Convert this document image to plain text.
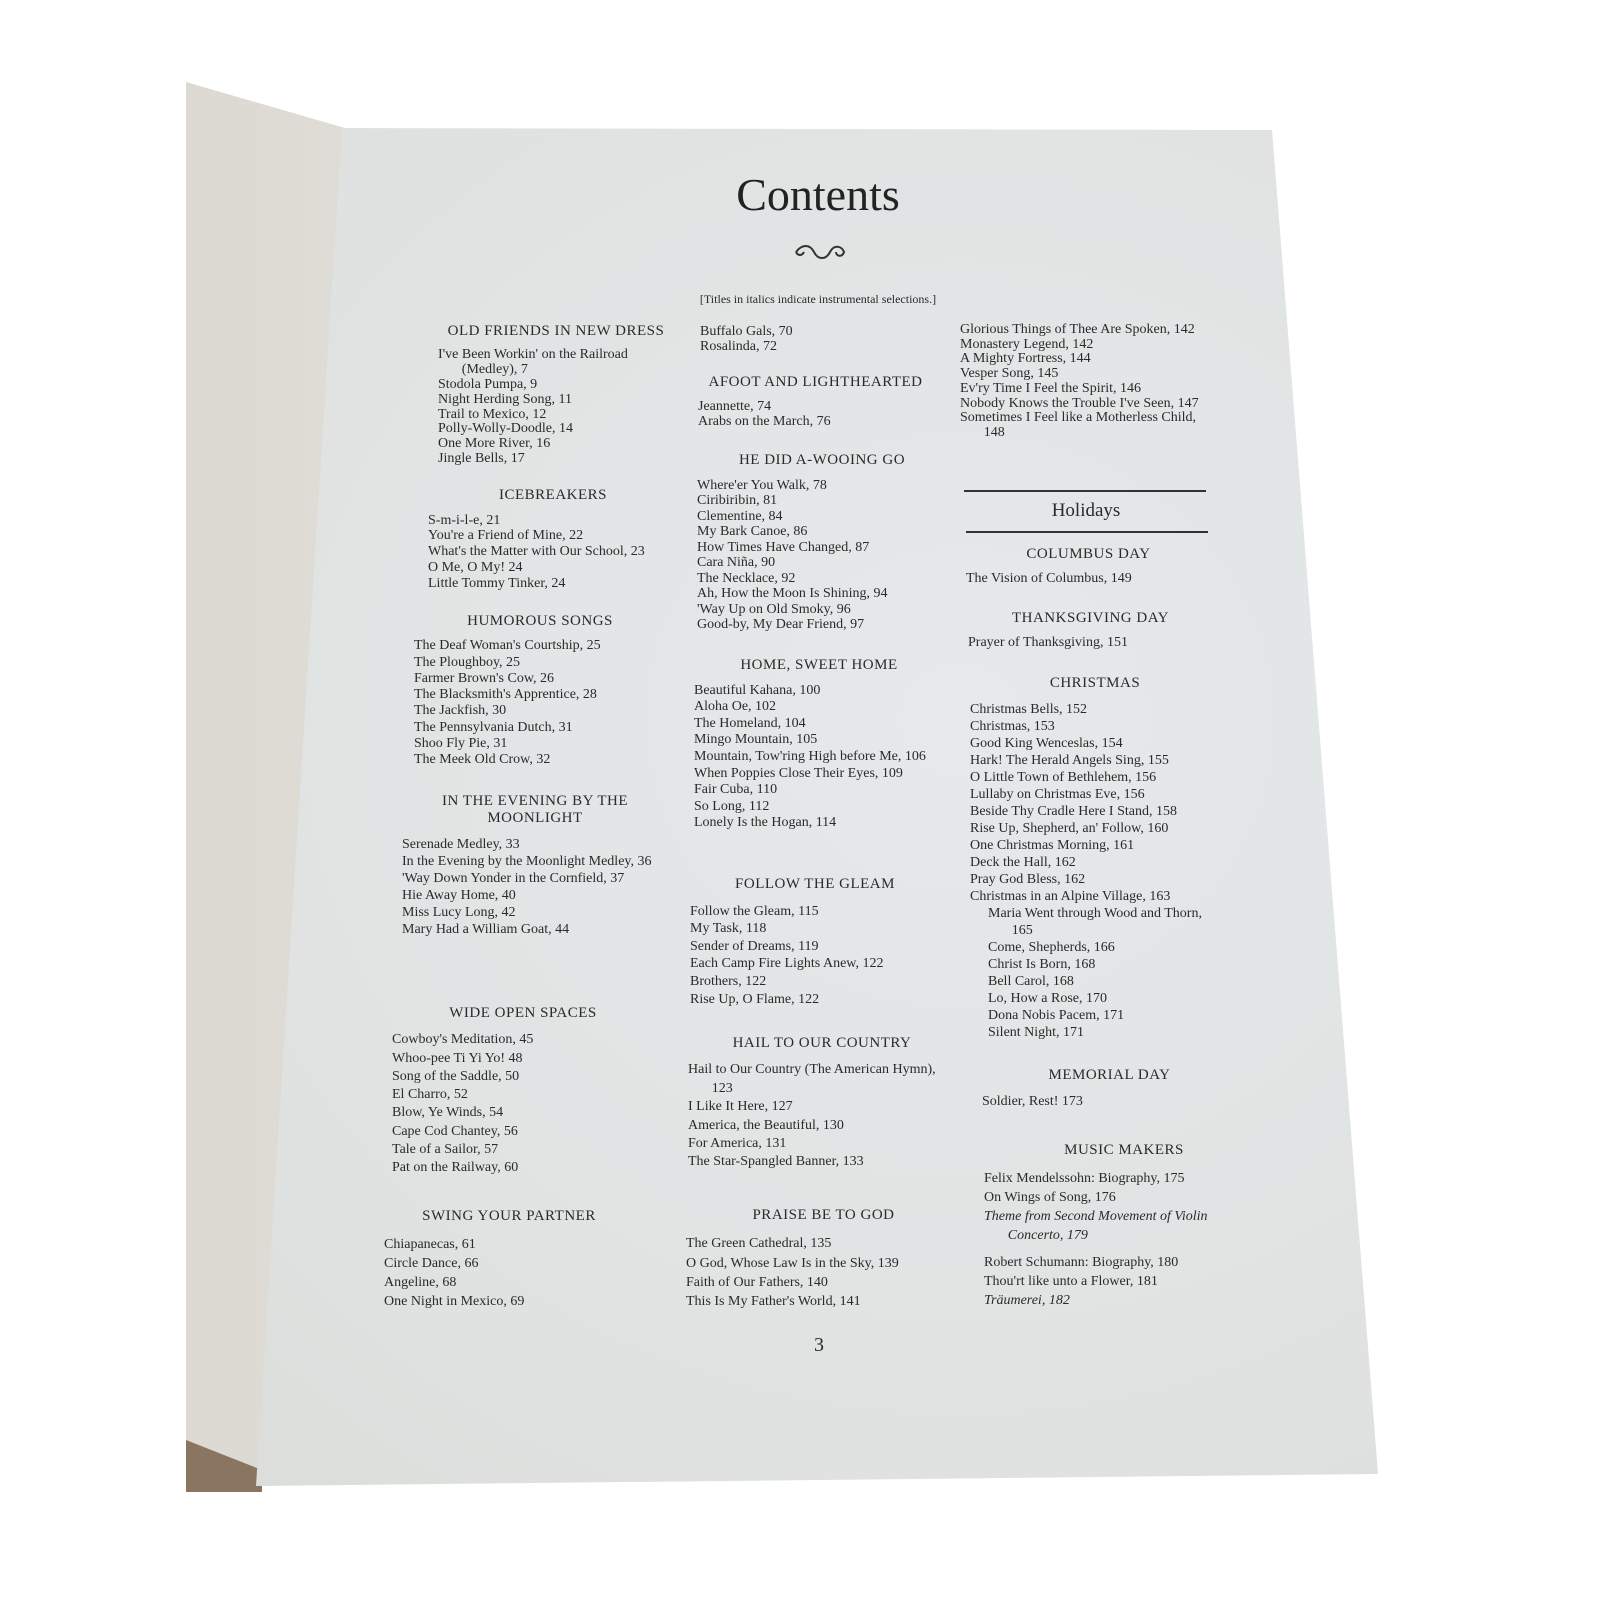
Contents
[Titles in italics indicate instrumental selections.]
OLD FRIENDS IN NEW DRESS
I've Been Workin' on the Railroad (Medley), 7
Stodola Pumpa, 9
Night Herding Song, 11
Trail to Mexico, 12
Polly-Wolly-Doodle, 14
One More River, 16
Jingle Bells, 17
ICEBREAKERS
S-m-i-l-e, 21
You're a Friend of Mine, 22
What's the Matter with Our School, 23
O Me, O My! 24
Little Tommy Tinker, 24
HUMOROUS SONGS
The Deaf Woman's Courtship, 25
The Ploughboy, 25
Farmer Brown's Cow, 26
The Blacksmith's Apprentice, 28
The Jackfish, 30
The Pennsylvania Dutch, 31
Shoo Fly Pie, 31
The Meek Old Crow, 32
IN THE EVENING BY THE MOONLIGHT
Serenade Medley, 33
In the Evening by the Moonlight Medley, 36
'Way Down Yonder in the Cornfield, 37
Hie Away Home, 40
Miss Lucy Long, 42
Mary Had a William Goat, 44
WIDE OPEN SPACES
Cowboy's Meditation, 45
Whoo-pee Ti Yi Yo! 48
Song of the Saddle, 50
El Charro, 52
Blow, Ye Winds, 54
Cape Cod Chantey, 56
Tale of a Sailor, 57
Pat on the Railway, 60
SWING YOUR PARTNER
Chiapanecas, 61
Circle Dance, 66
Angeline, 68
One Night in Mexico, 69
Buffalo Gals, 70
Rosalinda, 72
AFOOT AND LIGHTHEARTED
Jeannette, 74
Arabs on the March, 76
HE DID A-WOOING GO
Where'er You Walk, 78
Ciribiribin, 81
Clementine, 84
My Bark Canoe, 86
How Times Have Changed, 87
Cara Niña, 90
The Necklace, 92
Ah, How the Moon Is Shining, 94
'Way Up on Old Smoky, 96
Good-by, My Dear Friend, 97
HOME, SWEET HOME
Beautiful Kahana, 100
Aloha Oe, 102
The Homeland, 104
Mingo Mountain, 105
Mountain, Tow'ring High before Me, 106
When Poppies Close Their Eyes, 109
Fair Cuba, 110
So Long, 112
Lonely Is the Hogan, 114
FOLLOW THE GLEAM
Follow the Gleam, 115
My Task, 118
Sender of Dreams, 119
Each Camp Fire Lights Anew, 122
Brothers, 122
Rise Up, O Flame, 122
HAIL TO OUR COUNTRY
Hail to Our Country (The American Hymn), 123
I Like It Here, 127
America, the Beautiful, 130
For America, 131
The Star-Spangled Banner, 133
PRAISE BE TO GOD
The Green Cathedral, 135
O God, Whose Law Is in the Sky, 139
Faith of Our Fathers, 140
This Is My Father's World, 141
Glorious Things of Thee Are Spoken, 142
Monastery Legend, 142
A Mighty Fortress, 144
Vesper Song, 145
Ev'ry Time I Feel the Spirit, 146
Nobody Knows the Trouble I've Seen, 147
Sometimes I Feel like a Motherless Child, 148
COLUMBUS DAY
The Vision of Columbus, 149
THANKSGIVING DAY
Prayer of Thanksgiving, 151
CHRISTMAS
Christmas Bells, 152
Christmas, 153
Good King Wenceslas, 154
Hark! The Herald Angels Sing, 155
O Little Town of Bethlehem, 156
Lullaby on Christmas Eve, 156
Beside Thy Cradle Here I Stand, 158
Rise Up, Shepherd, an' Follow, 160
One Christmas Morning, 161
Deck the Hall, 162
Pray God Bless, 162
Christmas in an Alpine Village, 163
Maria Went through Wood and Thorn, 165
Come, Shepherds, 166
Christ Is Born, 168
Bell Carol, 168
Lo, How a Rose, 170
Dona Nobis Pacem, 171
Silent Night, 171
MEMORIAL DAY
Soldier, Rest! 173
MUSIC MAKERS
Felix Mendelssohn: Biography, 175
On Wings of Song, 176
Theme from Second Movement of Violin Concerto, 179
Robert Schumann: Biography, 180
Thou'rt like unto a Flower, 181
Träumerei, 182
Holidays
3
